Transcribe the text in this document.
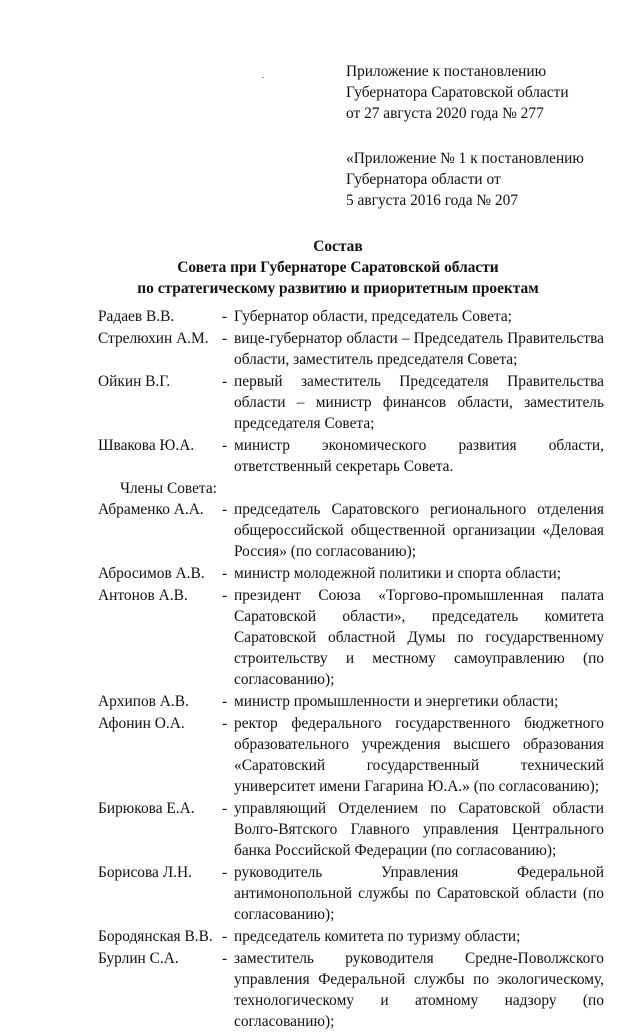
Приложение к постановлению
Губернатора Саратовской области
от 27 августа 2020 года № 277
«Приложение № 1 к постановлению
Губернатора области от
5 августа 2016 года № 207
Состав
Совета при Губернаторе Саратовской области
по стратегическому развитию и приоритетным проектам
Радаев В.В.	- Губернатор области, председатель Совета;
Стрелюхин А.М. - вице-губернатор области – Председатель Правительства области, заместитель председателя Совета;
Ойкин В.Г.	- первый заместитель Председателя Правительства области – министр финансов области, заместитель председателя Совета;
Швакова Ю.А.	- министр экономического развития области, ответственный секретарь Совета.
Члены Совета:
Абраменко А.А.	- председатель Саратовского регионального отделения общероссийской общественной организации «Деловая Россия» (по согласованию);
Абросимов А.В.	- министр молодежной политики и спорта области;
Антонов А.В.	- президент Союза «Торгово-промышленная палата Саратовской области», председатель комитета Саратовской областной Думы по государственному строительству и местному самоуправлению (по согласованию);
Архипов А.В.	- министр промышленности и энергетики области;
Афонин О.А.	- ректор федерального государственного бюджетного образовательного учреждения высшего образования «Саратовский государственный технический университет имени Гагарина Ю.А.» (по согласованию);
Бирюкова Е.А.	- управляющий Отделением по Саратовской области Волго-Вятского Главного управления Центрального банка Российской Федерации (по согласованию);
Борисова Л.Н.	- руководитель Управления Федеральной антимонопольной службы по Саратовской области (по согласованию);
Бородянская В.В. - председатель комитета по туризму области;
Бурлин С.А.	- заместитель руководителя Средне-Поволжского управления Федеральной службы по экологическому, технологическому и атомному надзору (по согласованию);
